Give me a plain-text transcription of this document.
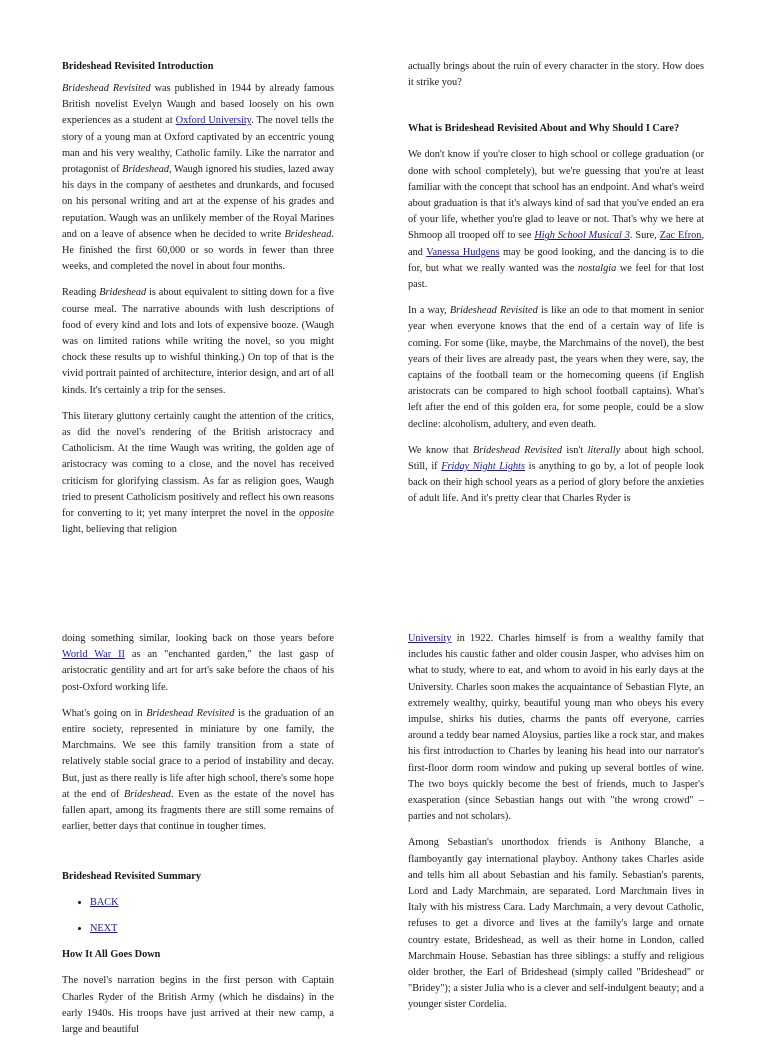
Brideshead Revisited Introduction

Brideshead Revisited was published in 1944 by already famous British novelist Evelyn Waugh and based loosely on his own experiences as a student at Oxford University. The novel tells the story of a young man at Oxford captivated by an eccentric young man and his very wealthy, Catholic family. Like the narrator and protagonist of Brideshead, Waugh ignored his studies, lazed away his days in the company of aesthetes and drunkards, and focused on his personal writing and art at the expense of his grades and reputation. Waugh was an unlikely member of the Royal Marines and on a leave of absence when he decided to write Brideshead. He finished the first 60,000 or so words in fewer than three weeks, and completed the novel in about four months.

Reading Brideshead is about equivalent to sitting down for a five course meal. The narrative abounds with lush descriptions of food of every kind and lots and lots of expensive booze. (Waugh was on limited rations while writing the novel, so you might chock these results up to wishful thinking.) On top of that is the vivid portrait painted of architecture, interior design, and art of all kinds. It's certainly a trip for the senses.

This literary gluttony certainly caught the attention of the critics, as did the novel's rendering of the British aristocracy and Catholicism. At the time Waugh was writing, the golden age of aristocracy was coming to a close, and the novel has received criticism for glorifying classism. As far as religion goes, Waugh tried to present Catholicism positively and reflect his own reasons for converting to it; yet many interpret the novel in the opposite light, believing that religion

actually brings about the ruin of every character in the story. How does it strike you?

What is Brideshead Revisited About and Why Should I Care?

We don't know if you're closer to high school or college graduation (or done with school completely), but we're guessing that you're at least familiar with the concept that school has an endpoint. And what's weird about graduation is that it's always kind of sad that you've ended an era of your life, whether you're glad to leave or not. That's why we here at Shmoop all trooped off to see High School Musical 3. Sure, Zac Efron, and Vanessa Hudgens may be good looking, and the dancing is to die for, but what we really wanted was the nostalgia we feel for that lost past.

In a way, Brideshead Revisited is like an ode to that moment in senior year when everyone knows that the end of a certain way of life is coming. For some (like, maybe, the Marchmains of the novel), the best years of their lives are already past, the years when they were, say, the captains of the football team or the homecoming queens (if English aristocrats can be compared to high school football captains). What's left after the end of this golden era, for some people, could be a slow decline: alcoholism, adultery, and even death.

We know that Brideshead Revisited isn't literally about high school. Still, if Friday Night Lights is anything to go by, a lot of people look back on their high school years as a period of glory before the anxieties of adult life. And it's pretty clear that Charles Ryder is

doing something similar, looking back on those years before World War II as an "enchanted garden," the last gasp of aristocratic gentility and art for art's sake before the chaos of his post-Oxford working life.

What's going on in Brideshead Revisited is the graduation of an entire society, represented in miniature by one family, the Marchmains. We see this family transition from a state of relatively stable social grace to a period of instability and decay. But, just as there really is life after high school, there's some hope at the end of Brideshead. Even as the estate of the novel has fallen apart, among its fragments there are still some remains of earlier, better days that continue in tougher times.

Brideshead Revisited Summary
• BACK
• NEXT
How It All Goes Down

The novel's narration begins in the first person with Captain Charles Ryder of the British Army (which he disdains) in the early 1940s. His troops have just arrived at their new camp, a large and beautiful

University in 1922. Charles himself is from a wealthy family that includes his caustic father and older cousin Jasper, who advises him on what to study, where to eat, and whom to avoid in his early days at the University. Charles soon makes the acquaintance of Sebastian Flyte, an extremely wealthy, quirky, beautiful young man who obeys his every impulse, shirks his duties, charms the pants off everyone, carries around a teddy bear named Aloysius, parties like a rock star, and makes his first introduction to Charles by leaning his head into our narrator's first-floor dorm room window and puking up several bottles of wine. The two boys quickly become the best of friends, much to Jasper's exasperation (since Sebastian hangs out with "the wrong crowd" – parties and not scholars).

Among Sebastian's unorthodox friends is Anthony Blanche, a flamboyantly gay international playboy. Anthony takes Charles aside and tells him all about Sebastian and his family. Sebastian's parents, Lord and Lady Marchmain, are separated. Lord Marchmain lives in Italy with his mistress Cara. Lady Marchmain, a very devout Catholic, refuses to get a divorce and lives at the family's large and ornate country estate, Brideshead, as well as their home in London, called Marchmain House. Sebastian has three siblings: a stuffy and religious older brother, the Earl of Brideshead (simply called "Brideshead" or "Bridey"); a sister Julia who is a clever and self-indulgent beauty; and a younger sister Cordelia.
